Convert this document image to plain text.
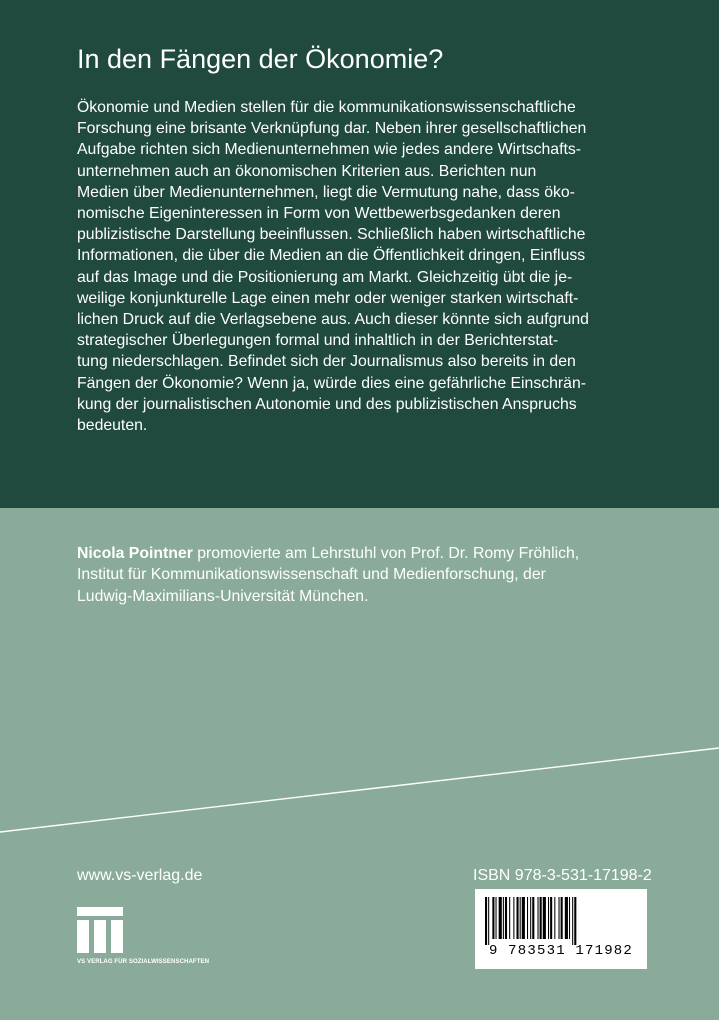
In den Fängen der Ökonomie?
Ökonomie und Medien stellen für die kommunikationswissenschaftliche
Forschung eine brisante Verknüpfung dar. Neben ihrer gesellschaftlichen
Aufgabe richten sich Medienunternehmen wie jedes andere Wirtschafts-
unternehmen auch an ökonomischen Kriterien aus. Berichten nun
Medien über Medienunternehmen, liegt die Vermutung nahe, dass öko-
nomische Eigeninteressen in Form von Wettbewerbsgedanken deren
publizistische Darstellung beeinflussen. Schließlich haben wirtschaftliche
Informationen, die über die Medien an die Öffentlichkeit dringen, Einfluss
auf das Image und die Positionierung am Markt. Gleichzeitig übt die je-
weilige konjunkturelle Lage einen mehr oder weniger starken wirtschaft-
lichen Druck auf die Verlagsebene aus. Auch dieser könnte sich aufgrund
strategischer Überlegungen formal und inhaltlich in der Berichterstat-
tung niederschlagen. Befindet sich der Journalismus also bereits in den
Fängen der Ökonomie? Wenn ja, würde dies eine gefährliche Einschrän-
kung der journalistischen Autonomie und des publizistischen Anspruchs
bedeuten.
Nicola Pointner promovierte am Lehrstuhl von Prof. Dr. Romy Fröhlich,
Institut für Kommunikationswissenschaft und Medienforschung, der
Ludwig-Maximilians-Universität München.
www.vs-verlag.de	ISBN 978-3-531-17198-2
9 783531 171982
VS VERLAG FÜR SOZIALWISSENSCHAFTEN
